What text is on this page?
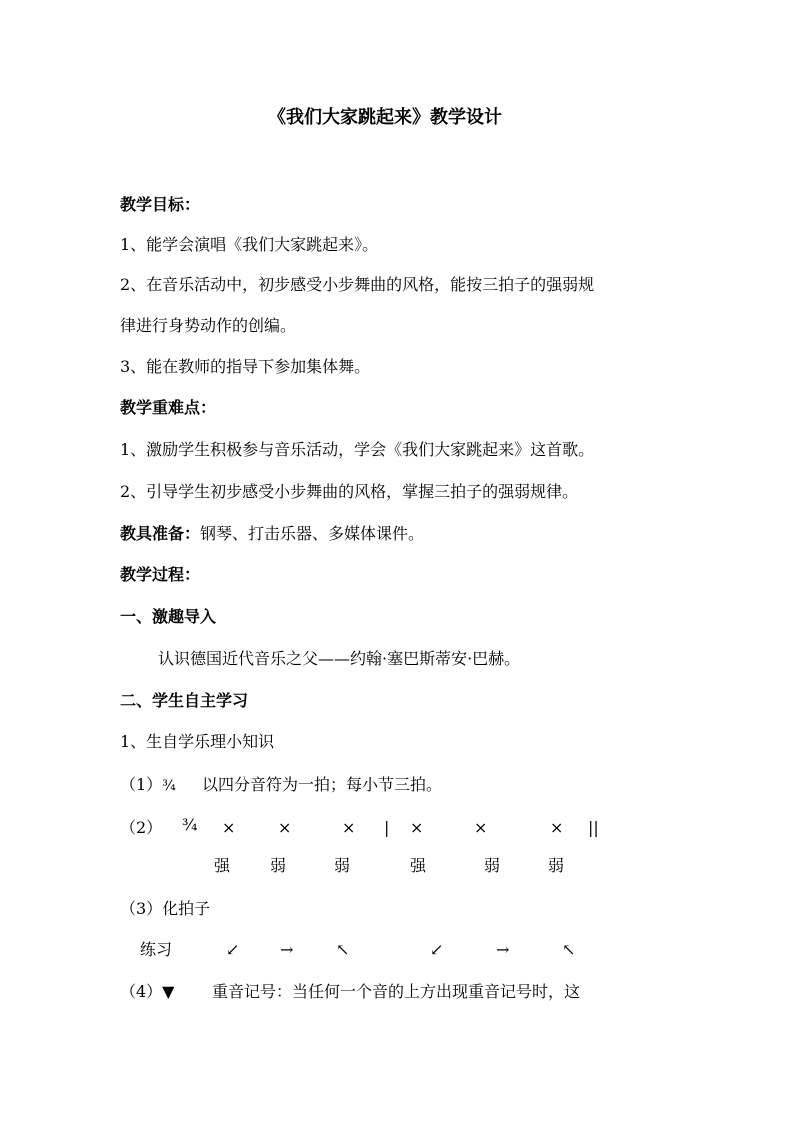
《我们大家跳起来》教学设计
教学目标：
1、能学会演唱《我们大家跳起来》。
2、在音乐活动中，初步感受小步舞曲的风格，能按三拍子的强弱规
律进行身势动作的创编。
3、能在教师的指导下参加集体舞。
教学重难点：
1、激励学生积极参与音乐活动，学会《我们大家跳起来》这首歌。
2、引导学生初步感受小步舞曲的风格，掌握三拍子的强弱规律。
教具准备：钢琴、打击乐器、多媒体课件。
教学过程：
一、激趣导入
认识德国近代音乐之父——约翰·塞巴斯蒂安·巴赫。
二、学生自主学习
1、生自学乐理小知识
（1）¾ 以四分音符为一拍；每小节三拍。
（2） ¾ ×	×	× | ×	×	× ||
强 弱	弱	强	弱	弱
（3）化拍子
练习	↙	→	↖	↙	→	↖
（4）▼ 重音记号：当任何一个音的上方出现重音记号时，这
